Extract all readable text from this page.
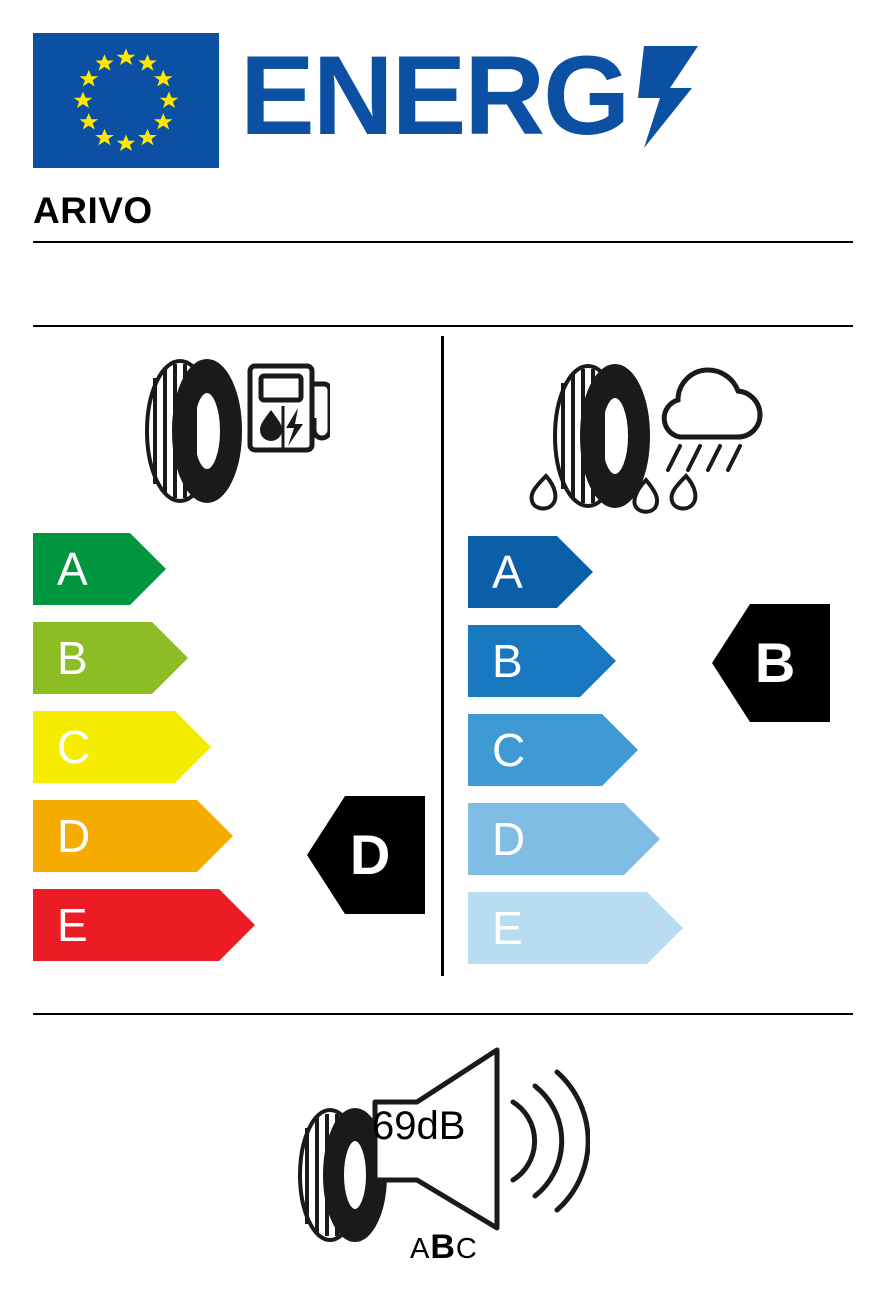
ENERG
ARIVO
69dB
ABC
A
B
C
D
E
A
B
C
D
E
D
B
